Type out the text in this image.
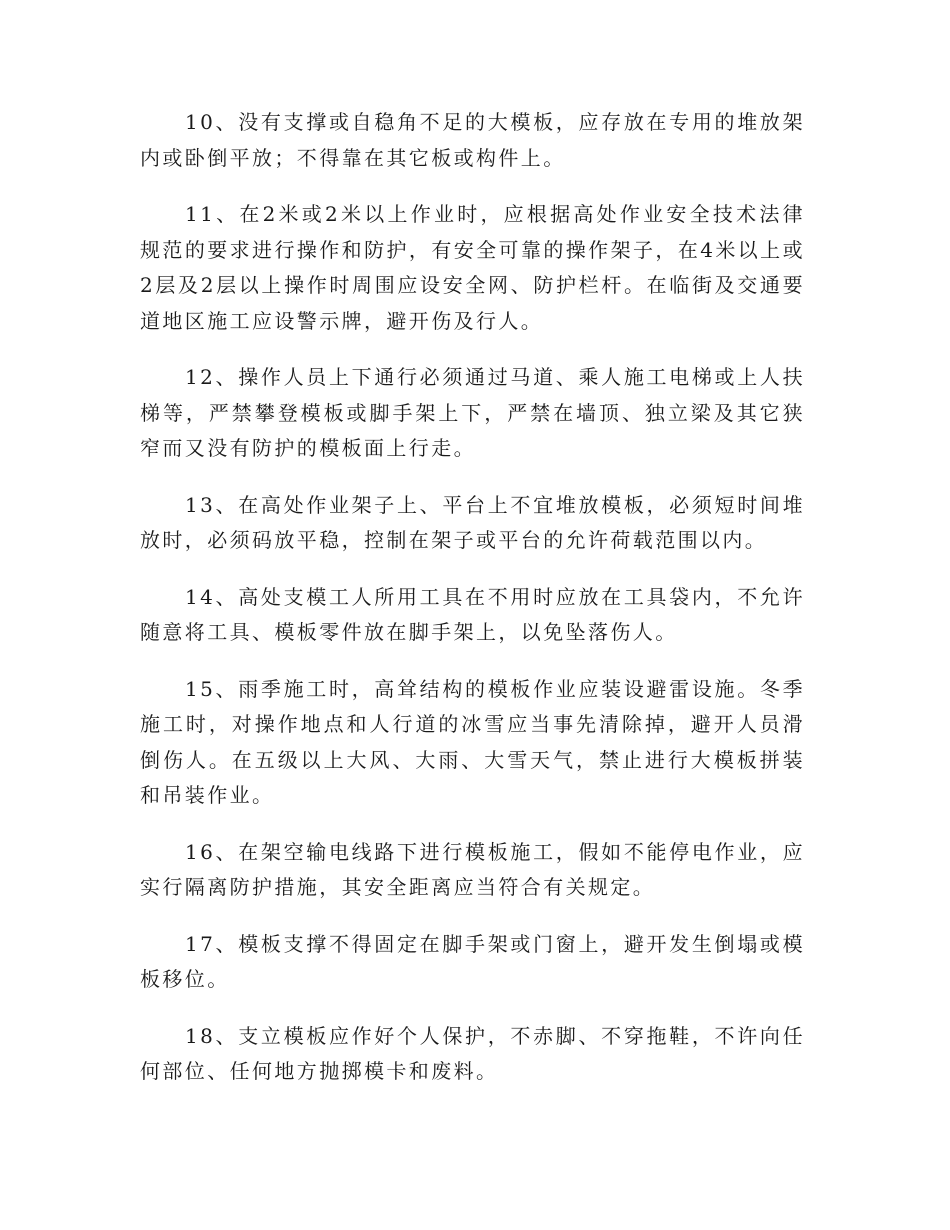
10、没有支撑或自稳角不足的大模板，应存放在专用的堆放架内或卧倒平放；不得靠在其它板或构件上。

11、在2米或2米以上作业时，应根据高处作业安全技术法律规范的要求进行操作和防护，有安全可靠的操作架子，在4米以上或2层及2层以上操作时周围应设安全网、防护栏杆。在临街及交通要道地区施工应设警示牌，避开伤及行人。

12、操作人员上下通行必须通过马道、乘人施工电梯或上人扶梯等，严禁攀登模板或脚手架上下，严禁在墙顶、独立梁及其它狭窄而又没有防护的模板面上行走。

13、在高处作业架子上、平台上不宜堆放模板，必须短时间堆放时，必须码放平稳，控制在架子或平台的允许荷载范围以内。

14、高处支模工人所用工具在不用时应放在工具袋内，不允许随意将工具、模板零件放在脚手架上，以免坠落伤人。

15、雨季施工时，高耸结构的模板作业应装设避雷设施。冬季施工时，对操作地点和人行道的冰雪应当事先清除掉，避开人员滑倒伤人。在五级以上大风、大雨、大雪天气，禁止进行大模板拼装和吊装作业。

16、在架空输电线路下进行模板施工，假如不能停电作业，应实行隔离防护措施，其安全距离应当符合有关规定。

17、模板支撑不得固定在脚手架或门窗上，避开发生倒塌或模板移位。

18、支立模板应作好个人保护，不赤脚、不穿拖鞋，不许向任何部位、任何地方抛掷模卡和废料。
